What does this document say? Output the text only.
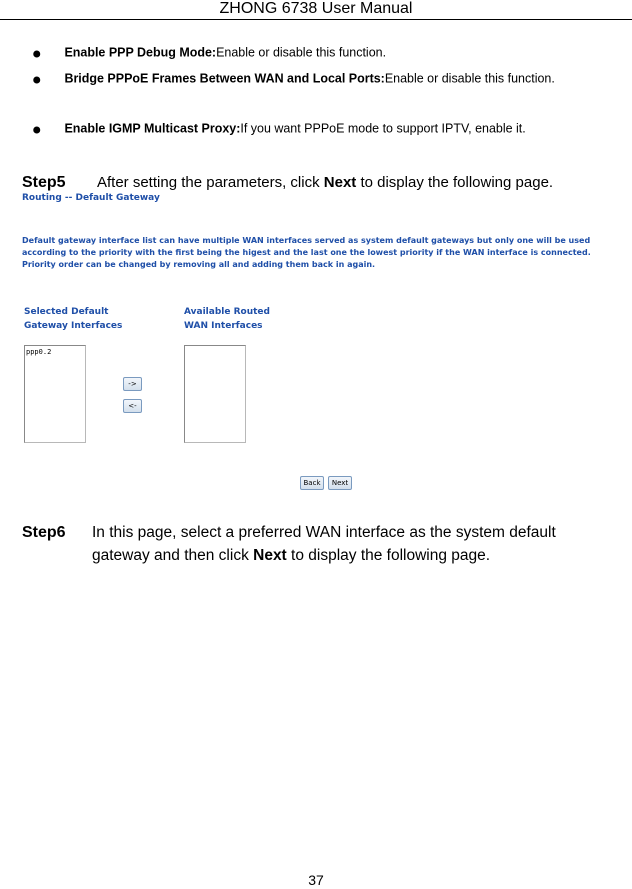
ZHONG 6738 User Manual
Enable PPP Debug Mode:Enable or disable this function.
Bridge PPPoE Frames Between WAN and Local Ports:Enable or disable this function.
Enable IGMP Multicast Proxy:If you want PPPoE mode to support IPTV, enable it.
Step5 After setting the parameters, click Next to display the following page.
Routing -- Default Gateway
Default gateway interface list can have multiple WAN interfaces served as system default gateways but only one will be used according to the priority with the first being the higest and the last one the lowest priority if the WAN interface is connected. Priority order can be changed by removing all and adding them back in again.
Selected Default
Gateway Interfaces
Available Routed
WAN Interfaces
ppp0.2
->
<-
Back	Next
Step6 In this page, select a preferred WAN interface as the system default
gateway and then click Next to display the following page.
37
